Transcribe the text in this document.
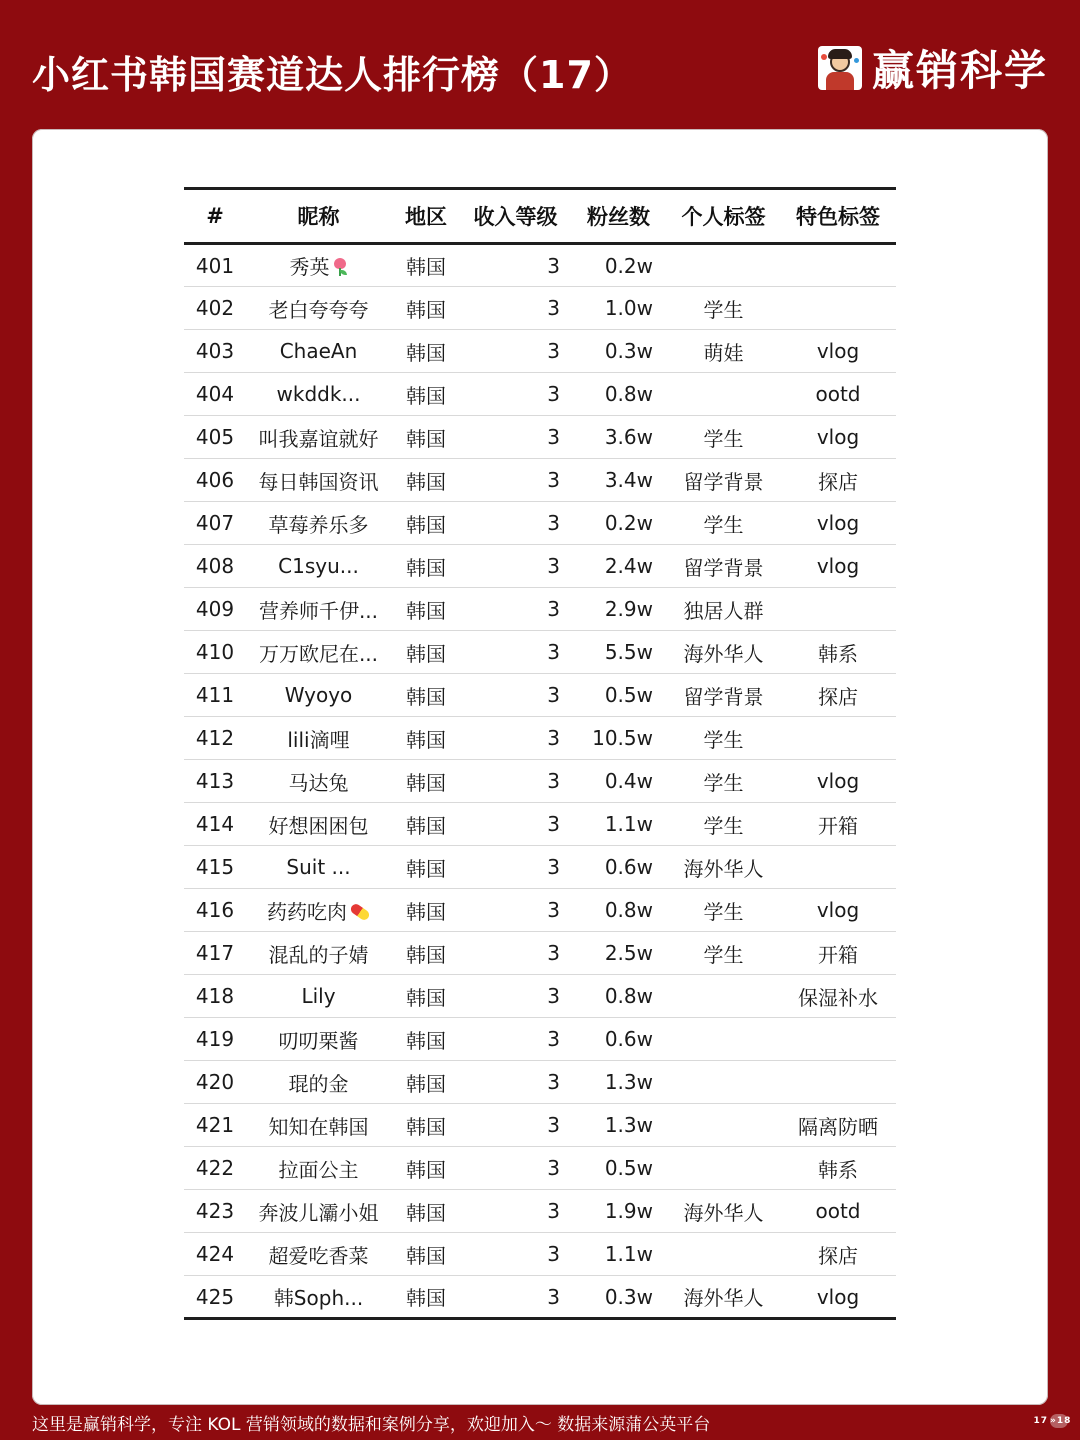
小红书韩国赛道达人排行榜（17）	赢销科学
#	昵称	地区	收入等级	粉丝数	个人标签	特色标签
401	秀英	韩国	3	0.2w		
402	老白夸夸夸	韩国	3	1.0w	学生	
403	ChaeAn	韩国	3	0.3w	萌娃	vlog
404	wkddk...	韩国	3	0.8w		ootd
405	叫我嘉谊就好	韩国	3	3.6w	学生	vlog
406	每日韩国资讯	韩国	3	3.4w	留学背景	探店
407	草莓养乐多	韩国	3	0.2w	学生	vlog
408	C1syu...	韩国	3	2.4w	留学背景	vlog
409	营养师千伊...	韩国	3	2.9w	独居人群	
410	万万欧尼在...	韩国	3	5.5w	海外华人	韩系
411	Wyoyo	韩国	3	0.5w	留学背景	探店
412	lili滴哩	韩国	3	10.5w	学生	
413	马达兔	韩国	3	0.4w	学生	vlog
414	好想困困包	韩国	3	1.1w	学生	开箱
415	Suit ...	韩国	3	0.6w	海外华人	
416	药药吃肉	韩国	3	0.8w	学生	vlog
417	混乱的子婧	韩国	3	2.5w	学生	开箱
418	Lily	韩国	3	0.8w		保湿补水
419	叨叨栗酱	韩国	3	0.6w		
420	琨的金	韩国	3	1.3w		
421	知知在韩国	韩国	3	1.3w		隔离防晒
422	拉面公主	韩国	3	0.5w		韩系
423	奔波儿灞小姐	韩国	3	1.9w	海外华人	ootd
424	超爱吃香菜	韩国	3	1.1w		探店
425	韩Soph...	韩国	3	0.3w	海外华人	vlog
这里是赢销科学，专注 KOL 营销领域的数据和案例分享，欢迎加入～ 数据来源蒲公英平台	17 »18
